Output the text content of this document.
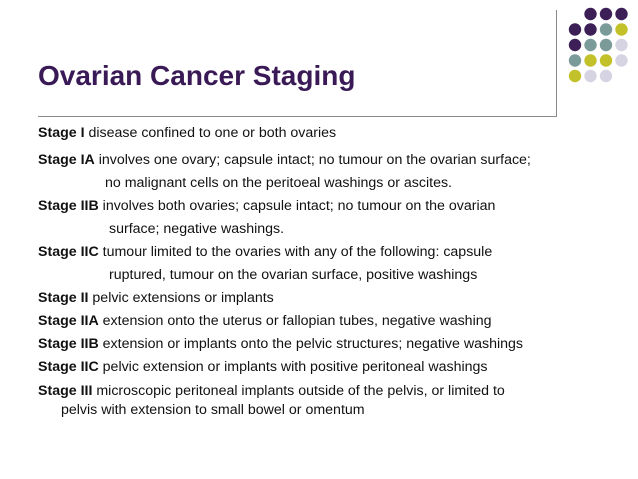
Ovarian Cancer Staging
Stage I disease confined to one or both ovaries
Stage IA involves one ovary; capsule intact; no tumour on the ovarian surface;
no malignant cells on the peritoeal washings or ascites.
Stage IIB involves both ovaries; capsule intact; no tumour on the ovarian
surface; negative washings.
Stage IIC tumour limited to the ovaries with any of the following: capsule
ruptured, tumour on the ovarian surface, positive washings
Stage II pelvic extensions or implants
Stage IIA extension onto the uterus or fallopian tubes, negative washing
Stage IIB extension or implants onto the pelvic structures; negative washings
Stage IIC pelvic extension or implants with positive peritoneal washings
Stage III microscopic peritoneal implants outside of the pelvis, or limited to
pelvis with extension to small bowel or omentum
